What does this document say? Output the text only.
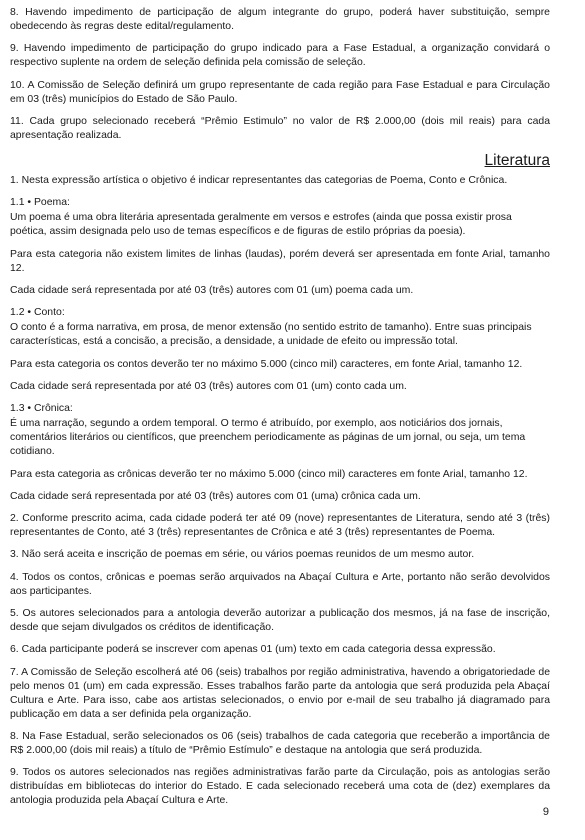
8. Havendo impedimento de participação de algum integrante do grupo, poderá haver substituição, sempre obedecendo às regras deste edital/regulamento.

9. Havendo impedimento de participação do grupo indicado para a Fase Estadual, a organização convidará o respectivo suplente na ordem de seleção definida pela comissão de seleção.

10. A Comissão de Seleção definirá um grupo representante de cada região para Fase Estadual e para Circulação em 03 (três) municípios do Estado de São Paulo.

11. Cada grupo selecionado receberá “Prêmio Estimulo” no valor de R$ 2.000,00 (dois mil reais) para cada apresentação realizada.

Literatura

1. Nesta expressão artística o objetivo é indicar representantes das categorias de Poema, Conto e Crônica.

1.1 • Poema:

Um poema é uma obra literária apresentada geralmente em versos e estrofes (ainda que possa existir prosa poética, assim designada pelo uso de temas específicos e de figuras de estilo próprias da poesia).

Para esta categoria não existem limites de linhas (laudas), porém deverá ser apresentada em fonte Arial, tamanho 12.

Cada cidade será representada por até 03 (três) autores com 01 (um) poema cada um.

1.2 • Conto:

O conto é a forma narrativa, em prosa, de menor extensão (no sentido estrito de tamanho). Entre suas principais características, está a concisão, a precisão, a densidade, a unidade de efeito ou impressão total.

Para esta categoria os contos deverão ter no máximo 5.000 (cinco mil) caracteres, em fonte Arial, tamanho 12.

Cada cidade será representada por até 03 (três) autores com 01 (um) conto cada um.

1.3 • Crônica:

É uma narração, segundo a ordem temporal. O termo é atribuído, por exemplo, aos noticiários dos jornais, comentários literários ou científicos, que preenchem periodicamente as páginas de um jornal, ou seja, um tema cotidiano.

Para esta categoria as crônicas deverão ter no máximo 5.000 (cinco mil) caracteres em fonte Arial, tamanho 12.

Cada cidade será representada por até 03 (três) autores com 01 (uma) crônica cada um.

2. Conforme prescrito acima, cada cidade poderá ter até 09 (nove) representantes de Literatura, sendo até 3 (três) representantes de Conto, até 3 (três) representantes de Crônica e até 3 (três) representantes de Poema.

3. Não será aceita e inscrição de poemas em série, ou vários poemas reunidos de um mesmo autor.

4. Todos os contos, crônicas e poemas serão arquivados na Abaçaí Cultura e Arte, portanto não serão devolvidos aos participantes.

5. Os autores selecionados para a antologia deverão autorizar a publicação dos mesmos, já na fase de inscrição, desde que sejam divulgados os créditos de identificação.

6. Cada participante poderá se inscrever com apenas 01 (um) texto em cada categoria dessa expressão.

7. A Comissão de Seleção escolherá até 06 (seis) trabalhos por região administrativa, havendo a obrigatoriedade de pelo menos 01 (um) em cada expressão. Esses trabalhos farão parte da antologia que será produzida pela Abaçaí Cultura e Arte. Para isso, cabe aos artistas selecionados, o envio por e-mail de seu trabalho já diagramado para publicação em data a ser definida pela organização.

8. Na Fase Estadual, serão selecionados os 06 (seis) trabalhos de cada categoria que receberão a importância de R$ 2.000,00 (dois mil reais) a título de “Prêmio Estímulo” e destaque na antologia que será produzida.

9. Todos os autores selecionados nas regiões administrativas farão parte da Circulação, pois as antologias serão distribuídas em bibliotecas do interior do Estado. E cada selecionado receberá uma cota de (dez) exemplares da antologia produzida pela Abaçaí Cultura e Arte.

9
